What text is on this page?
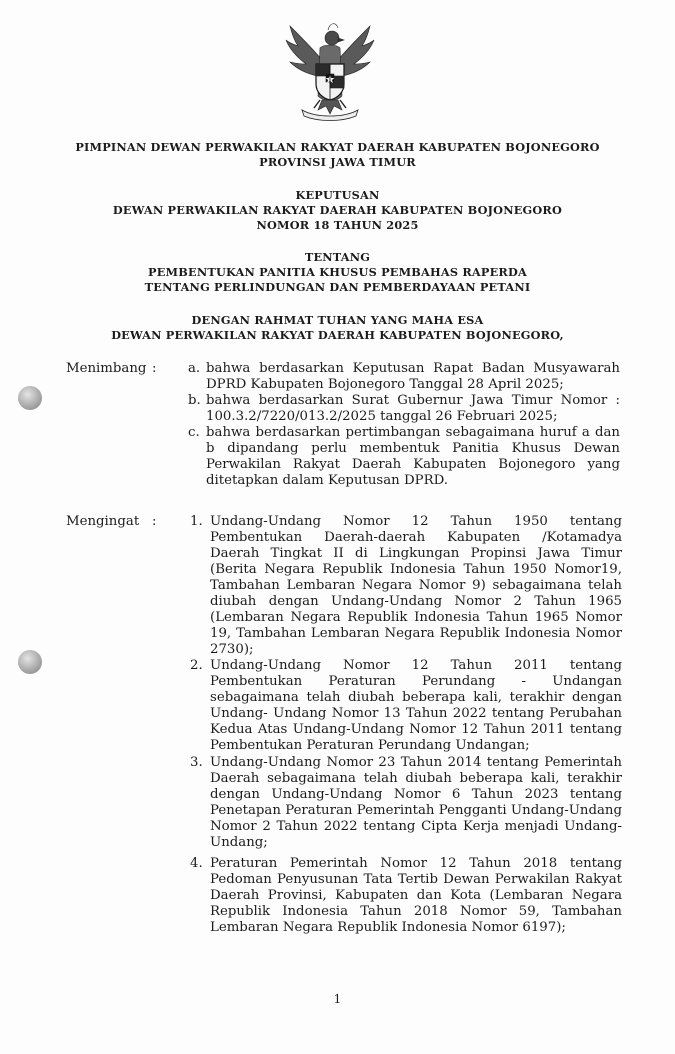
PIMPINAN DEWAN PERWAKILAN RAKYAT DAERAH KABUPATEN BOJONEGORO
PROVINSI JAWA TIMUR
KEPUTUSAN
DEWAN PERWAKILAN RAKYAT DAERAH KABUPATEN BOJONEGORO
NOMOR 18 TAHUN 2025
TENTANG
PEMBENTUKAN PANITIA KHUSUS PEMBAHAS RAPERDA
TENTANG PERLINDUNGAN DAN PEMBERDAYAAN PETANI
DENGAN RAHMAT TUHAN YANG MAHA ESA
DEWAN PERWAKILAN RAKYAT DAERAH KABUPATEN BOJONEGORO,
Menimbang : a. bahwa berdasarkan Keputusan Rapat Badan Musyawarah DPRD Kabupaten Bojonegoro Tanggal 28 April 2025;
b. bahwa berdasarkan Surat Gubernur Jawa Timur Nomor : 100.3.2/7220/013.2/2025 tanggal 26 Februari 2025;
c. bahwa berdasarkan pertimbangan sebagaimana huruf a dan b dipandang perlu membentuk Panitia Khusus Dewan Perwakilan Rakyat Daerah Kabupaten Bojonegoro yang ditetapkan dalam Keputusan DPRD.
Mengingat :	1. Undang-Undang Nomor 12 Tahun 1950 tentang Pembentukan Daerah-daerah Kabupaten /Kotamadya Daerah Tingkat II di Lingkungan Propinsi Jawa Timur (Berita Negara Republik Indonesia Tahun 1950 Nomor19, Tambahan Lembaran Negara Nomor 9) sebagaimana telah diubah dengan Undang-Undang Nomor 2 Tahun 1965 (Lembaran Negara Republik Indonesia Tahun 1965 Nomor 19, Tambahan Lembaran Negara Republik Indonesia Nomor 2730);
2. Undang-Undang Nomor 12 Tahun 2011 tentang Pembentukan Peraturan Perundang - Undangan sebagaimana telah diubah beberapa kali, terakhir dengan Undang- Undang Nomor 13 Tahun 2022 tentang Perubahan Kedua Atas Undang-Undang Nomor 12 Tahun 2011 tentang Pembentukan Peraturan Perundang Undangan;
3. Undang-Undang Nomor 23 Tahun 2014 tentang Pemerintah Daerah sebagaimana telah diubah beberapa kali, terakhir dengan Undang-Undang Nomor 6 Tahun 2023 tentang Penetapan Peraturan Pemerintah Pengganti Undang-Undang Nomor 2 Tahun 2022 tentang Cipta Kerja menjadi Undang-Undang;
4. Peraturan Pemerintah Nomor 12 Tahun 2018 tentang Pedoman Penyusunan Tata Tertib Dewan Perwakilan Rakyat Daerah Provinsi, Kabupaten dan Kota (Lembaran Negara Republik Indonesia Tahun 2018 Nomor 59, Tambahan Lembaran Negara Republik Indonesia Nomor 6197);
1
